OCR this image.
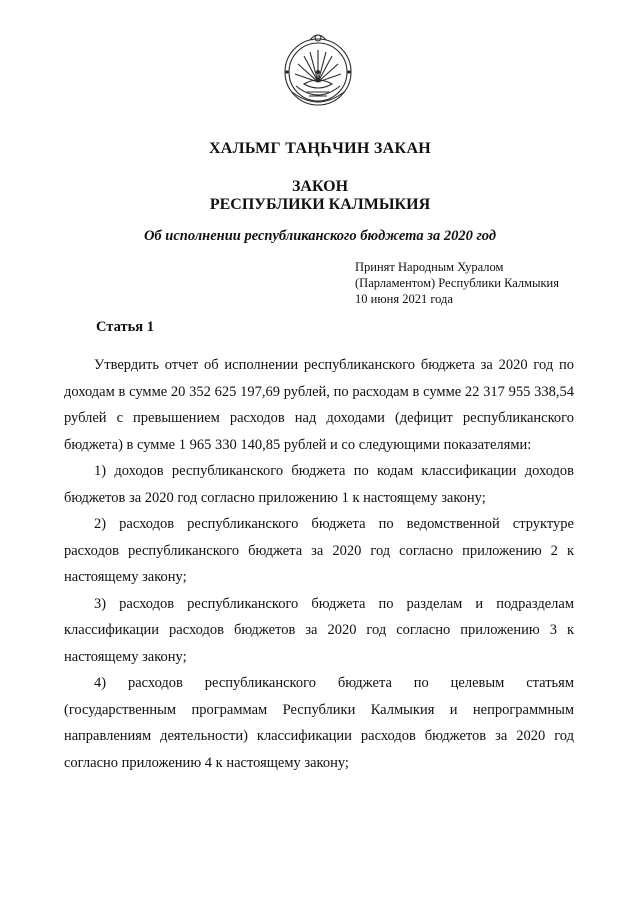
ХАЛЬМГ ТАҢҺЧИН ЗАКАН
ЗАКОН
РЕСПУБЛИКИ КАЛМЫКИЯ
Об исполнении республиканского бюджета за 2020 год
Принят Народным Хуралом
(Парламентом) Республики Калмыкия
10 июня 2021 года
Статья 1

Утвердить отчет об исполнении республиканского бюджета за 2020 год по доходам в сумме 20 352 625 197,69 рублей, по расходам в сумме 22 317 955 338,54 рублей с превышением расходов над доходами (дефицит республиканского бюджета) в сумме 1 965 330 140,85 рублей и со следующими показателями:

1) доходов республиканского бюджета по кодам классификации доходов бюджетов за 2020 год согласно приложению 1 к настоящему закону;

2) расходов республиканского бюджета по ведомственной структуре расходов республиканского бюджета за 2020 год согласно приложению 2 к настоящему закону;

3) расходов республиканского бюджета по разделам и подразделам классификации расходов бюджетов за 2020 год согласно приложению 3 к настоящему закону;

4) расходов республиканского бюджета по целевым статьям (государственным программам Республики Калмыкия и непрограммным направлениям деятельности) классификации расходов бюджетов за 2020 год согласно приложению 4 к настоящему закону;
